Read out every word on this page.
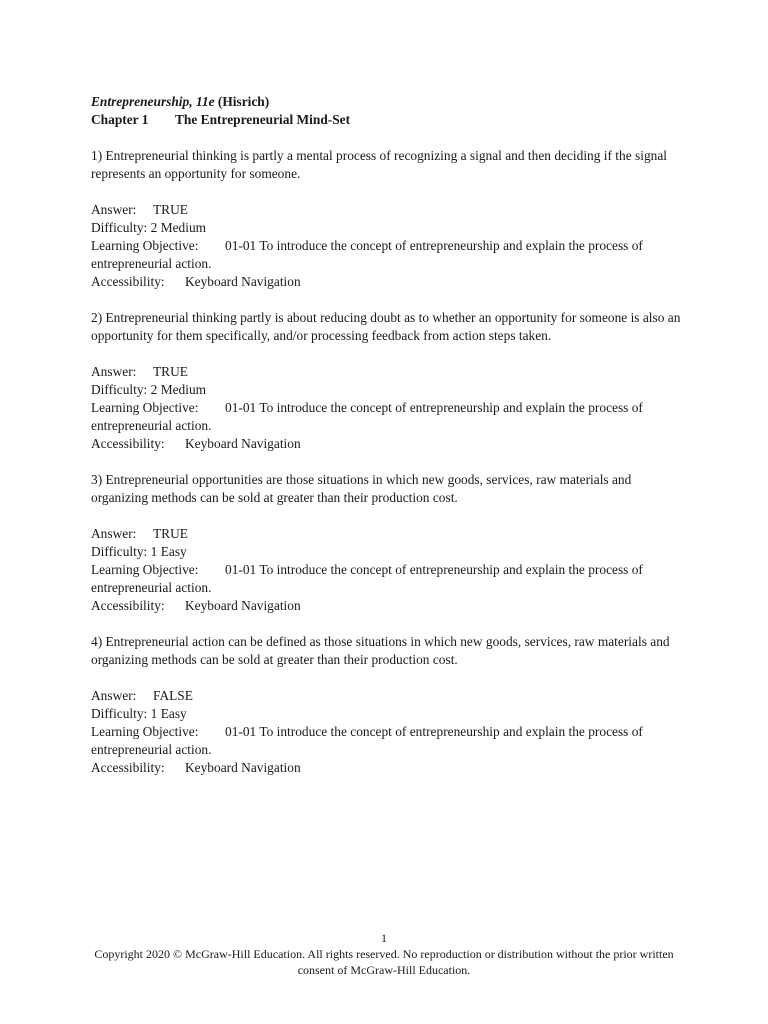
Entrepreneurship, 11e (Hisrich)
Chapter 1 The Entrepreneurial Mind-Set

1) Entrepreneurial thinking is partly a mental process of recognizing a signal and then deciding if the signal represents an opportunity for someone.

Answer: TRUE

Difficulty: 2 Medium

Learning Objective: 01-01 To introduce the concept of entrepreneurship and explain the process of entrepreneurial action.

Accessibility: Keyboard Navigation

2) Entrepreneurial thinking partly is about reducing doubt as to whether an opportunity for someone is also an opportunity for them specifically, and/or processing feedback from action steps taken.

Answer: TRUE

Difficulty: 2 Medium

Learning Objective: 01-01 To introduce the concept of entrepreneurship and explain the process of entrepreneurial action.

Accessibility: Keyboard Navigation

3) Entrepreneurial opportunities are those situations in which new goods, services, raw materials and organizing methods can be sold at greater than their production cost.

Answer: TRUE

Difficulty: 1 Easy

Learning Objective: 01-01 To introduce the concept of entrepreneurship and explain the process of entrepreneurial action.

Accessibility: Keyboard Navigation

4) Entrepreneurial action can be defined as those situations in which new goods, services, raw materials and organizing methods can be sold at greater than their production cost.

Answer: FALSE

Difficulty: 1 Easy

Learning Objective: 01-01 To introduce the concept of entrepreneurship and explain the process of entrepreneurial action.

Accessibility: Keyboard Navigation

1
Copyright 2020 © McGraw-Hill Education. All rights reserved. No reproduction or distribution without the prior written consent of McGraw-Hill Education.
